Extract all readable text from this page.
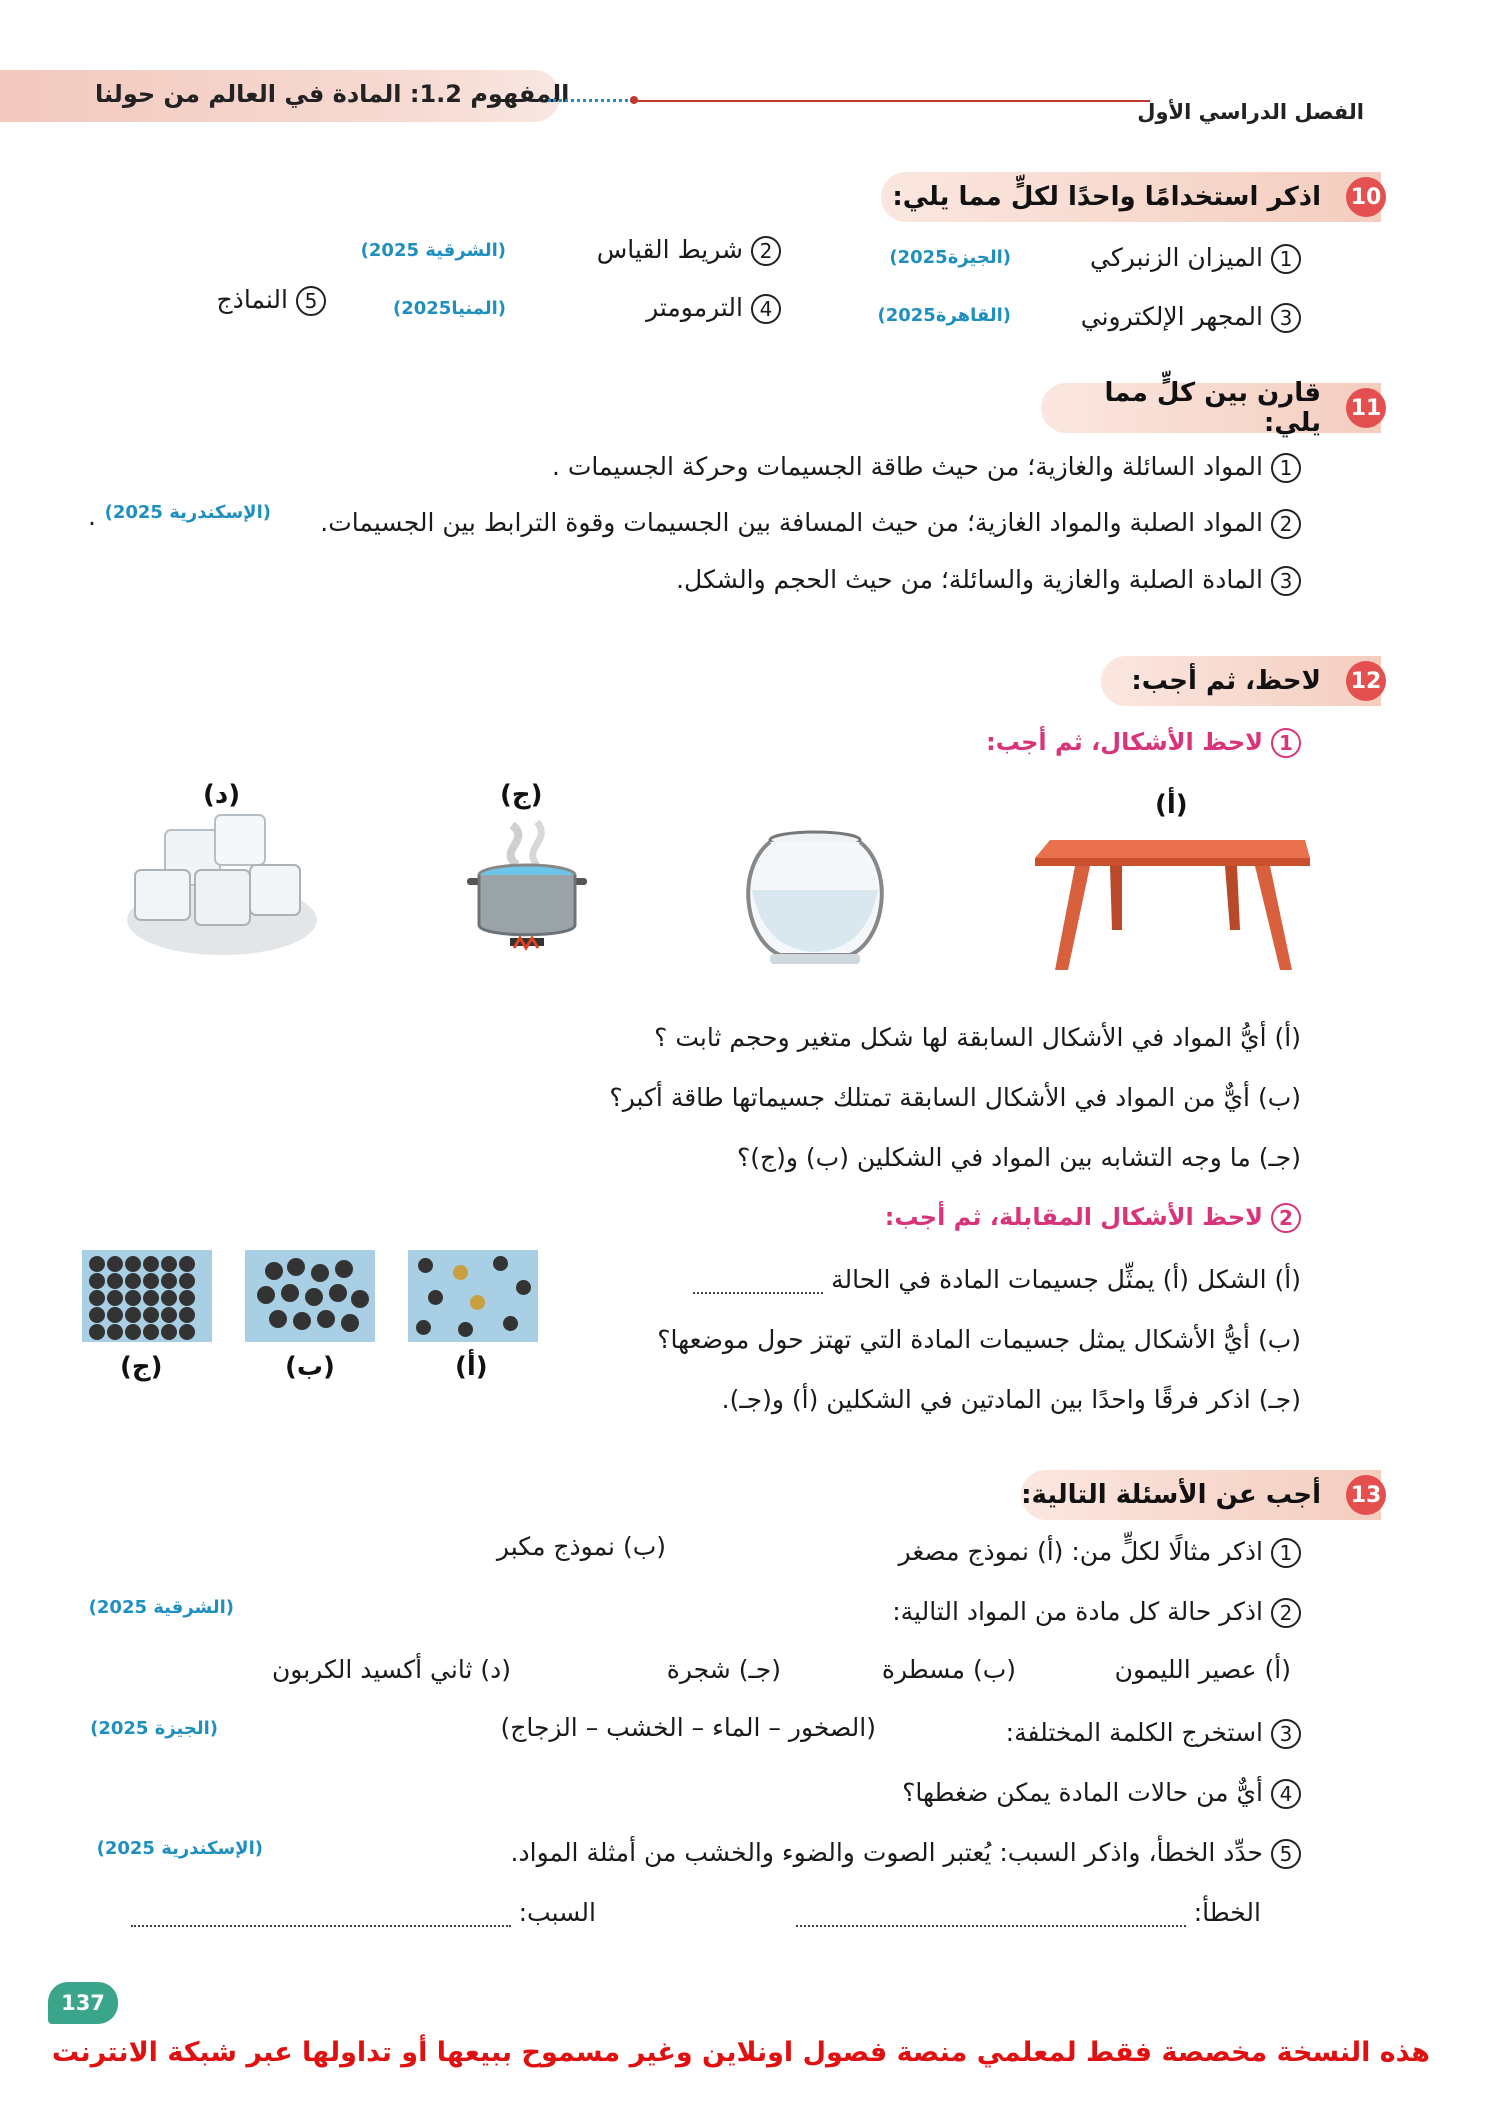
المفهوم 1.2: المادة في العالم من حولنا
الفصل الدراسي الأول
اذكر استخدامًا واحدًا لكلٍّ مما يلي: 10
1الميزان الزنبركي
(الجيزة2025)
2شريط القياس
(الشرقية 2025)
3المجهر الإلكتروني
(القاهرة2025)
4الترمومتر
(المنيا2025)
5النماذج
قارن بين كلٍّ مما يلي: 11
1المواد السائلة والغازية؛ من حيث طاقة الجسيمات وحركة الجسيمات .
2المواد الصلبة والمواد الغازية؛ من حيث المسافة بين الجسيمات وقوة الترابط بين الجسيمات.
(الإسكندرية 2025)
.
3المادة الصلبة والغازية والسائلة؛ من حيث الحجم والشكل.
لاحظ، ثم أجب: 12
1لاحظ الأشكال، ثم أجب:
(أ)
(ج)
(د)
(أ) أيُّ المواد في الأشكال السابقة لها شكل متغير وحجم ثابت ؟
(ب) أيٌّ من المواد في الأشكال السابقة تمتلك جسيماتها طاقة أكبر؟
(جـ) ما وجه التشابه بين المواد في الشكلين (ب) و(ج)؟
2لاحظ الأشكال المقابلة، ثم أجب:
(أ) الشكل (أ) يمثِّل جسيمات المادة في الحالة
(ب) أيُّ الأشكال يمثل جسيمات المادة التي تهتز حول موضعها؟
(جـ) اذكر فرقًا واحدًا بين المادتين في الشكلين (أ) و(جـ).
(أ)
(ب)
(ج)
أجب عن الأسئلة التالية: 13
1اذكر مثالًا لكلٍّ من: (أ) نموذج مصغر
(ب) نموذج مكبر
2اذكر حالة كل مادة من المواد التالية:
(الشرقية 2025)
(أ) عصير الليمون
(ب) مسطرة
(جـ) شجرة
(د) ثاني أكسيد الكربون
3استخرج الكلمة المختلفة:
(الصخور – الماء – الخشب – الزجاج)
(الجيزة 2025)
4أيٌّ من حالات المادة يمكن ضغطها؟
5حدِّد الخطأ، واذكر السبب: يُعتبر الصوت والضوء والخشب من أمثلة المواد.
(الإسكندرية 2025)
الخطأ:
السبب:
137
هذه النسخة مخصصة فقط لمعلمي منصة فصول اونلاين وغير مسموح ببيعها أو تداولها عبر شبكة الانترنت
